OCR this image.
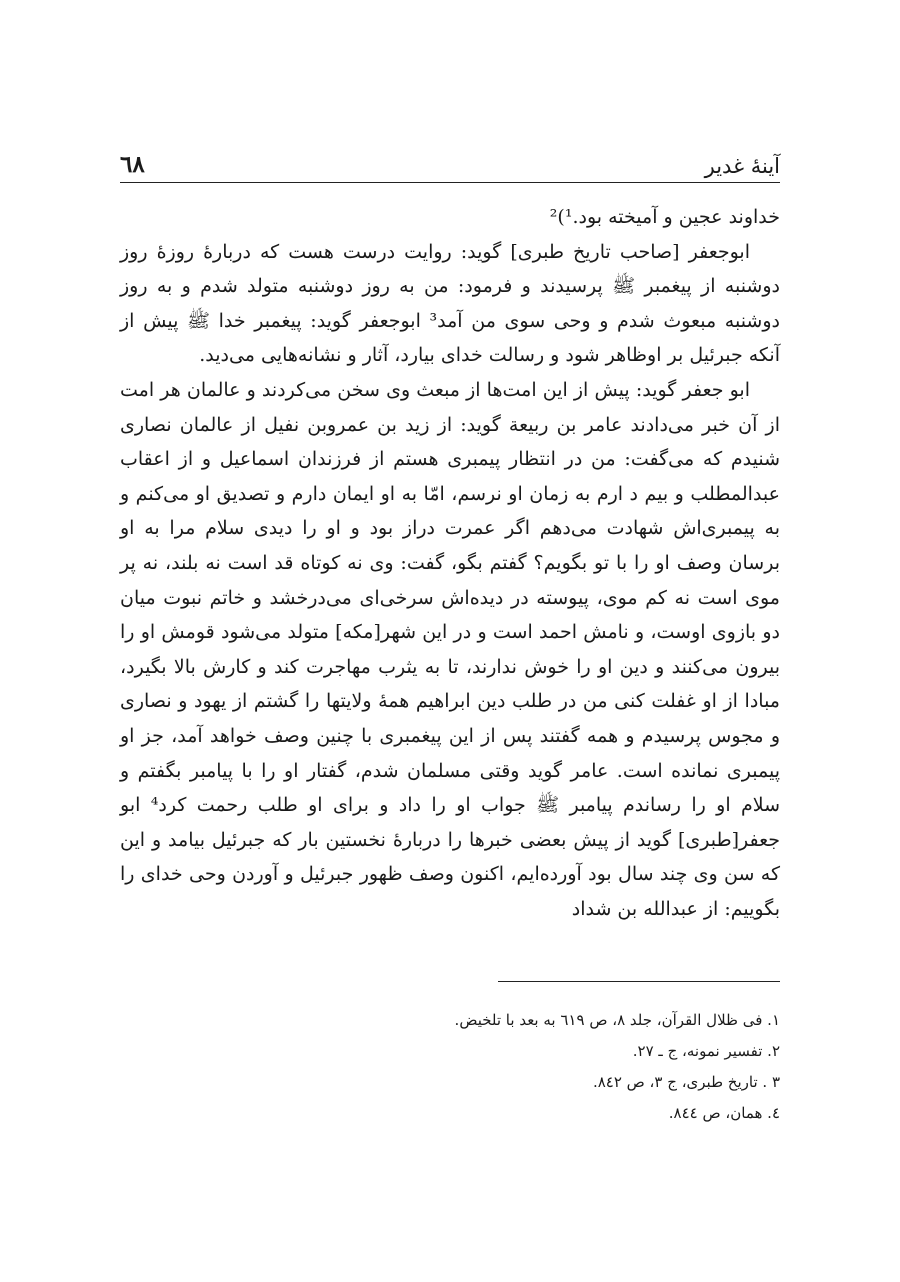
آینهٔ غدیر
٦٨

خداوند عجین و آمیخته بود.¹)²

ابوجعفر [صاحب تاریخ طبری] گوید: روایت درست هست که دربارهٔ روزهٔ روز دوشنبه از پیغمبر ﷺ پرسیدند و فرمود: من به روز دوشنبه متولد شدم و به روز دوشنبه مبعوث شدم و وحی سوی من آمد³ ابوجعفر گوید: پیغمبر خدا ﷺ پیش از آنکه جبرئیل بر اوظاهر شود و رسالت خدای بیارد، آثار و نشانه‌هایی می‌دید.

ابو جعفر گوید: پیش از این امت‌ها از مبعث وی سخن می‌کردند و عالمان هر امت از آن خبر می‌دادند عامر بن ربیعة گوید: از زید بن عمروبن نفیل از عالمان نصاری شنیدم که می‌گفت: من در انتظار پیمبری هستم از فرزندان اسماعیل و از اعقاب عبدالمطلب و بیم د ارم به زمان او نرسم، امّا به او ایمان دارم و تصدیق او می‌کنم و به پیمبری‌اش شهادت می‌دهم اگر عمرت دراز بود و او را دیدی سلام مرا به او برسان وصف او را با تو بگویم؟ گفتم بگو، گفت: وی نه کوتاه قد است نه بلند، نه پر موی است نه کم موی، پیوسته در دیده‌اش سرخی‌ای می‌درخشد و خاتم نبوت میان دو بازوی اوست، و نامش احمد است و در این شهر[مکه] متولد می‌شود قومش او را بیرون می‌کنند و دین او را خوش ندارند، تا به یثرب مهاجرت کند و کارش بالا بگیرد، مبادا از او غفلت کنی من در طلب دین ابراهیم همهٔ ولایتها را گشتم از یهود و نصاری و مجوس پرسیدم و همه گفتند پس از این پیغمبری با چنین وصف خواهد آمد، جز او پیمبری نمانده است. عامر گوید وقتی مسلمان شدم، گفتار او را با پیامبر بگفتم و سلام او را رساندم پیامبر ﷺ جواب او را داد و برای او طلب رحمت کرد⁴ ابو جعفر[طبری] گوید از پیش بعضی خبرها را دربارهٔ نخستین بار که جبرئیل بیامد و این که سن وی چند سال بود آورده‌ایم، اکنون وصف ظهور جبرئیل و آوردن وحی خدای را بگوییم: از عبدالله بن شداد

١. فی ظلال القرآن، جلد ٨، ص ٦١٩ به بعد با تلخیض.
٢. تفسیر نمونه، ج ـ ٢٧.
٣ . تاریخ طبری، ج ٣، ص ٨٤٢.
٤. همان، ص ٨٤٤.
